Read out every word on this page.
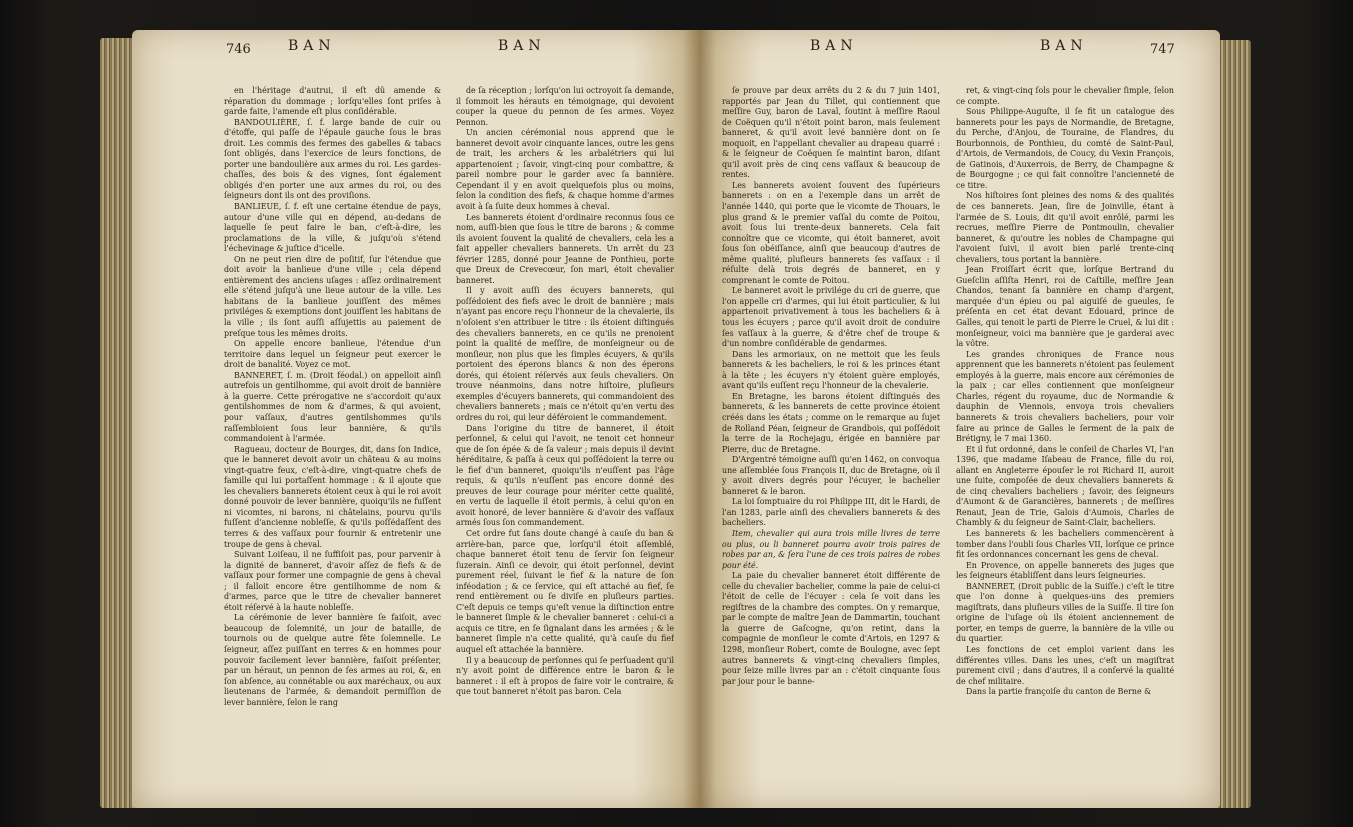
746	BAN	BAN	BAN	BAN	747

en l'héritage d'autrui, il eſt dû amende & réparation du dommage ; lorſqu'elles ſont priſes à garde faite, l'amende eſt plus conſidérable.

BANDOULIÈRE, ſ. f. large bande de cuir ou d'étoffe, qui paſſe de l'épaule gauche ſous le bras droit. Les commis des fermes des gabelles & tabacs ſont obligés, dans l'exercice de leurs fonctions, de porter une bandoulière aux armes du roi. Les gardes-chaſſes, des bois & des vignes, ſont également obligés d'en porter une aux armes du roi, ou des ſeigneurs dont ils ont des proviſions.

BANLIEUE, ſ. f. eſt une certaine étendue de pays, autour d'une ville qui en dépend, au-dedans de laquelle ſe peut faire le ban, c'eſt-à-dire, les proclamations de la ville, & juſqu'où s'étend l'échevinage & juſtice d'icelle.

On ne peut rien dire de poſitif, ſur l'étendue que doit avoir la banlieue d'une ville ; cela dépend entièrement des anciens uſages : aſſez ordinairement elle s'étend juſqu'à une lieue autour de la ville. Les habitans de la banlieue jouiſſent des mêmes priviléges & exemptions dont jouiſſent les habitans de la ville ; ils ſont auſſi aſſujettis au paiement de preſque tous les mêmes droits.

On appelle encore banlieue, l'étendue d'un territoire dans lequel un ſeigneur peut exercer le droit de banalité. Voyez ce mot.

BANNERET, ſ. m. (Droit féodal.) on appelloit ainſi autrefois un gentilhomme, qui avoit droit de bannière à la guerre. Cette prérogative ne s'accordoit qu'aux gentilshommes de nom & d'armes, & qui avoient, pour vaſſaux, d'autres gentilshommes qu'ils raſſembloient ſous leur bannière, & qu'ils commandoient à l'armée.

Ragueau, docteur de Bourges, dit, dans ſon Indice, que le banneret devoit avoir un château & au moins vingt-quatre feux, c'eſt-à-dire, vingt-quatre chefs de famille qui lui portaſſent hommage : & il ajoute que les chevaliers bannerets étoient ceux à qui le roi avoit donné pouvoir de lever bannière, quoiqu'ils ne fuſſent ni vicomtes, ni barons, ni châtelains, pourvu qu'ils fuſſent d'ancienne nobleſſe, & qu'ils poſſédaſſent des terres & des vaſſaux pour fournir & entretenir une troupe de gens à cheval.

Suivant Loiſeau, il ne ſuffiſoit pas, pour parvenir à la dignité de banneret, d'avoir aſſez de fiefs & de vaſſaux pour former une compagnie de gens à cheval ; il falloit encore être gentilhomme de nom & d'armes, parce que le titre de chevalier banneret étoit réſervé à la haute nobleſſe.

La cérémonie de lever bannière ſe faiſoit, avec beaucoup de ſolemnité, un jour de bataille, de tournois ou de quelque autre fête ſolemnelle. Le ſeigneur, aſſez puiſſant en terres & en hommes pour pouvoir facilement lever bannière, faiſoit préſenter, par un héraut, un pennon de ſes armes au roi, &, en ſon abſence, au connétable ou aux maréchaux, ou aux lieutenans de l'armée, & demandoit permiſſion de lever bannière, ſelon le rang

de ſa réception ; lorſqu'on lui octroyoit ſa demande, il ſommoit les hérauts en témoignage, qui devoient couper la queue du pennon de ſes armes. Voyez Pennon.

Un ancien cérémonial nous apprend que le banneret devoit avoir cinquante lances, outre les gens de trait, les archers & les arbalétriers qui lui appartenoient ; ſavoir, vingt-cinq pour combattre, & pareil nombre pour le garder avec ſa bannière. Cependant il y en avoit quelquefois plus ou moins, ſelon la condition des fiefs, & chaque homme d'armes avoit à ſa ſuite deux hommes à cheval.

Les bannerets étoient d'ordinaire reconnus ſous ce nom, auſſi-bien que ſous le titre de barons ; & comme ils avoient ſouvent la qualité de chevaliers, cela les a fait appeller chevaliers bannerets. Un arrêt du 23 février 1285, donné pour Jeanne de Ponthieu, porte que Dreux de Crevecœur, ſon mari, étoit chevalier banneret.

Il y avoit auſſi des écuyers bannerets, qui poſſédoient des fiefs avec le droit de bannière ; mais n'ayant pas encore reçu l'honneur de la chevalerie, ils n'oſoient s'en attribuer le titre : ils étoient diſtingués des chevaliers bannerets, en ce qu'ils ne prenoient point la qualité de meſſire, de monſeigneur ou de monſieur, non plus que les ſimples écuyers, & qu'ils portoient des éperons blancs & non des éperons dorés, qui étoient réſervés aux ſeuls chevaliers. On trouve néanmoins, dans notre hiſtoire, pluſieurs exemples d'écuyers bannerets, qui commandoient des chevaliers bannerets ; mais ce n'étoit qu'en vertu des ordres du roi, qui leur déféroient le commandement.

Dans l'origine du titre de banneret, il étoit perſonnel, & celui qui l'avoit, ne tenoit cet honneur que de ſon épée & de ſa valeur ; mais depuis il devint héréditaire, & paſſa à ceux qui poſſédoient la terre ou le fief d'un banneret, quoiqu'ils n'euſſent pas l'âge requis, & qu'ils n'euſſent pas encore donné des preuves de leur courage pour mériter cette qualité, en vertu de laquelle il étoit permis, à celui qu'on en avoit honoré, de lever bannière & d'avoir des vaſſaux armés ſous ſon commandement.

Cet ordre fut ſans doute changé à cauſe du ban & arrière-ban, parce que, lorſqu'il étoit aſſemblé, chaque banneret étoit tenu de ſervir ſon ſeigneur ſuzerain. Ainſi ce devoir, qui étoit perſonnel, devint purement réel, ſuivant le fief & la nature de ſon inféodation ; & ce ſervice, qui eſt attaché au fief, ſe rend entièrement ou ſe diviſe en pluſieurs parties. C'eſt depuis ce temps qu'eſt venue la diſtinction entre le banneret ſimple & le chevalier banneret : celui-ci a acquis ce titre, en ſe ſignalant dans les armées ; & le banneret ſimple n'a cette qualité, qu'à cauſe du fief auquel eſt attachée la bannière.

Il y a beaucoup de perſonnes qui ſe perſuadent qu'il n'y avoit point de différence entre le baron & le banneret : il eſt à propos de faire voir le contraire, & que tout banneret n'étoit pas baron. Cela

ſe prouve par deux arrêts du 2 & du 7 juin 1401, rapportés par Jean du Tillet, qui contiennent que meſſire Guy, baron de Laval, ſoutint à meſſire Raoul de Coëquen qu'il n'étoit point baron, mais ſeulement banneret, & qu'il avoit levé bannière dont on ſe moquoit, en l'appellant chevalier au drapeau quarré : & le ſeigneur de Coëquen ſe maintint baron, diſant qu'il avoit près de cinq cens vaſſaux & beaucoup de rentes.

Les bannerets avoient ſouvent des ſupérieurs bannerets : on en a l'exemple dans un arrêt de l'année 1440, qui porte que le vicomte de Thouars, le plus grand & le premier vaſſal du comte de Poitou, avoit ſous lui trente-deux bannerets. Cela fait connoître que ce vicomte, qui étoit banneret, avoit ſous ſon obéiſſance, ainſi que beaucoup d'autres de même qualité, pluſieurs bannerets ſes vaſſaux : il réſulte delà trois degrés de banneret, en y comprenant le comte de Poitou.

Le banneret avoit le privilége du cri de guerre, que l'on appelle cri d'armes, qui lui étoit particulier, & lui appartenoit privativement à tous les bacheliers & à tous les écuyers ; parce qu'il avoit droit de conduire ſes vaſſaux à la guerre, & d'être chef de troupe & d'un nombre conſidérable de gendarmes.

Dans les armoriaux, on ne mettoit que les ſeuls bannerets & les bacheliers, le roi & les princes étant à la tête ; les écuyers n'y étoient guère employés, avant qu'ils euſſent reçu l'honneur de la chevalerie.

En Bretagne, les barons étoient diſtingués des bannerets, & les bannerets de cette province étoient créés dans les états ; comme on le remarque au ſujet de Rolland Péan, ſeigneur de Grandbois, qui poſſédoit la terre de la Rochejagu, érigée en bannière par Pierre, duc de Bretagne.

D'Argentré témoigne auſſi qu'en 1462, on convoqua une aſſemblée ſous François II, duc de Bretagne, où il y avoit divers degrés pour l'écuyer, le bachelier banneret & le baron.

La loi ſomptuaire du roi Philippe III, dit le Hardi, de l'an 1283, parle ainſi des chevaliers bannerets & des bacheliers.

Item, chevalier qui aura trois mille livres de terre ou plus, ou li banneret pourra avoir trois paires de robes par an, & ſera l'une de ces trois paires de robes pour été.

La paie du chevalier banneret étoit différente de celle du chevalier bachelier, comme la paie de celui-ci l'étoit de celle de l'écuyer : cela ſe voit dans les regiſtres de la chambre des comptes. On y remarque, par le compte de maître Jean de Dammartin, touchant la guerre de Gaſcogne, qu'on retint, dans la compagnie de monſieur le comte d'Artois, en 1297 & 1298, monſieur Robert, comte de Boulogne, avec ſept autres bannerets & vingt-cinq chevaliers ſimples, pour ſeize mille livres par an : c'étoit cinquante ſous par jour pour le banne-

ret, & vingt-cinq ſols pour le chevalier ſimple, ſelon ce compte.

Sous Philippe-Auguſte, il ſe fit un catalogue des bannerets pour les pays de Normandie, de Bretagne, du Perche, d'Anjou, de Touraine, de Flandres, du Bourbonnois, de Ponthieu, du comté de Saint-Paul, d'Artois, de Vermandois, de Coucy, du Vexin François, de Gatinois, d'Auxerrois, de Berry, de Champagne & de Bourgogne ; ce qui fait connoître l'ancienneté de ce titre.

Nos hiſtoires ſont pleines des noms & des qualités de ces bannerets. Jean, ſire de Joinville, étant à l'armée de S. Louis, dit qu'il avoit enrôlé, parmi les recrues, meſſire Pierre de Pontmoulin, chevalier banneret, & qu'outre les nobles de Champagne qui l'avoient ſuivi, il avoit bien parlé trente-cinq chevaliers, tous portant la bannière.

Jean Froiſſart écrit que, lorſque Bertrand du Gueſclin aſſiſta Henri, roi de Caſtille, meſſire Jean Chandos, tenant ſa bannière en champ d'argent, marquée d'un épieu ou pal aiguiſé de gueules, ſe préſenta en cet état devant Edouard, prince de Galles, qui tenoit le parti de Pierre le Cruel, & lui dit : monſeigneur, voici ma bannière que je garderai avec la vôtre.

Les grandes chroniques de France nous apprennent que les bannerets n'étoient pas ſeulement employés à la guerre, mais encore aux cérémonies de la paix ; car elles contiennent que monſeigneur Charles, régent du royaume, duc de Normandie & dauphin de Viennois, envoya trois chevaliers bannerets & trois chevaliers bacheliers, pour voir faire au prince de Galles le ſerment de la paix de Brétigny, le 7 mai 1360.

Et il fut ordonné, dans le conſeil de Charles VI, l'an 1396, que madame Iſabeau de France, fille du roi, allant en Angleterre épouſer le roi Richard II, auroit une ſuite, compoſée de deux chevaliers bannerets & de cinq chevaliers bacheliers ; ſavoir, des ſeigneurs d'Aumont & de Garancières, bannerets ; de meſſires Renaut, Jean de Trie, Galois d'Aumois, Charles de Chambly & du ſeigneur de Saint-Clair, bacheliers.

Les bannerets & les bacheliers commencèrent à tomber dans l'oubli ſous Charles VII, lorſque ce prince fit ſes ordonnances concernant les gens de cheval.

En Provence, on appelle bannerets des juges que les ſeigneurs établiſſent dans leurs ſeigneuries.

BANNERET, (Droit public de la Suiſſe.) c'eſt le titre que l'on donne à quelques-uns des premiers magiſtrats, dans pluſieurs villes de la Suiſſe. Il tire ſon origine de l'uſage où ils étoient anciennement de porter, en temps de guerre, la bannière de la ville ou du quartier.

Les fonctions de cet emploi varient dans les différentes villes. Dans les unes, c'eſt un magiſtrat purement civil ; dans d'autres, il a conſervé la qualité de chef militaire.

Dans la partie françoiſe du canton de Berne &
